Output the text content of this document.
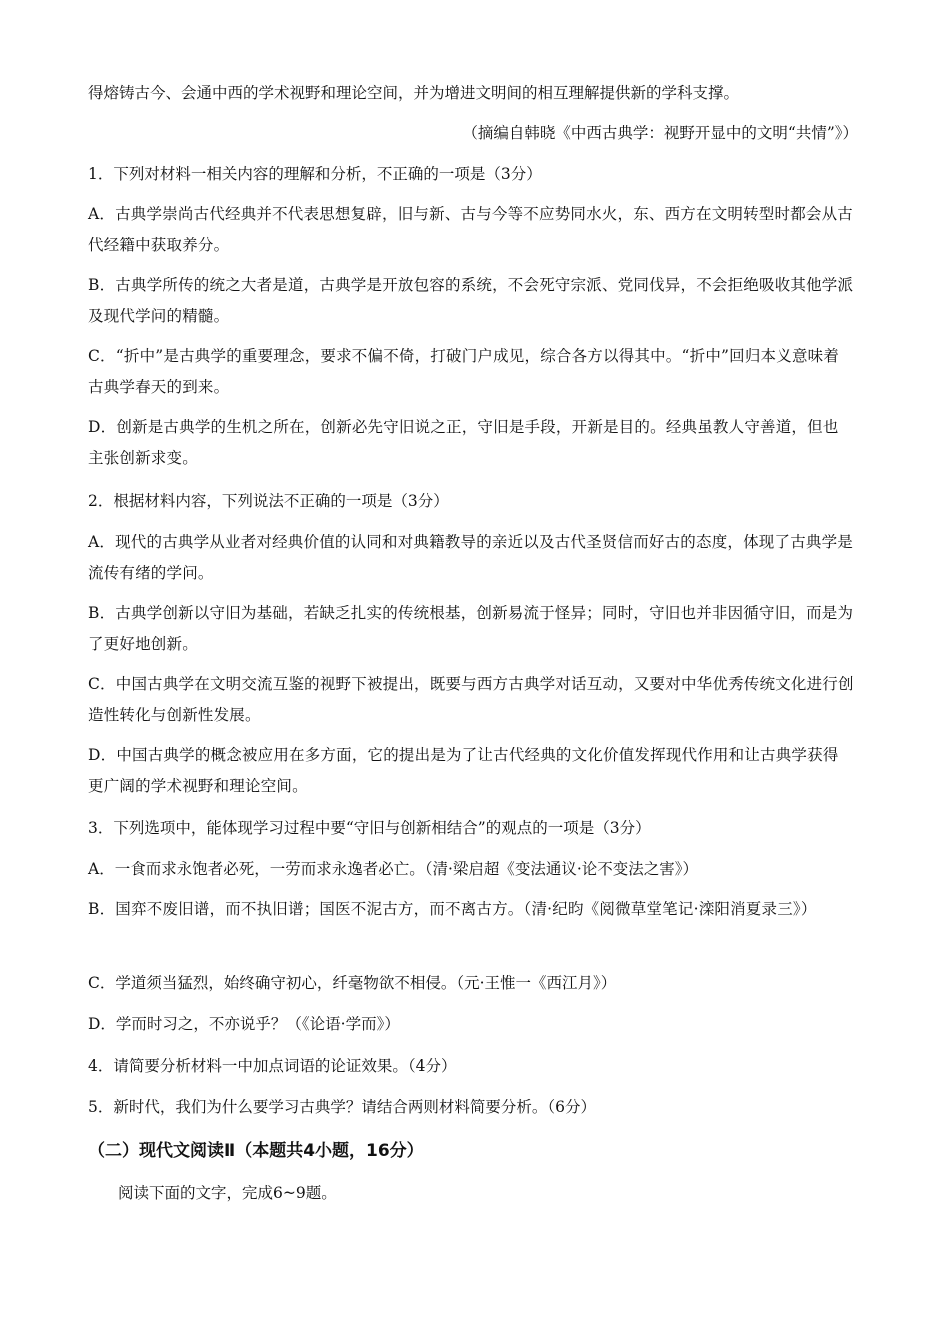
得熔铸古今、会通中西的学术视野和理论空间，并为增进文明间的相互理解提供新的学科支撑。
（摘编自韩晓《中西古典学：视野开显中的文明“共情”》）
1．下列对材料一相关内容的理解和分析，不正确的一项是（3分）
A．古典学崇尚古代经典并不代表思想复辟，旧与新、古与今等不应势同水火，东、西方在文明转型时都会从古代经籍中获取养分。
B．古典学所传的统之大者是道，古典学是开放包容的系统，不会死守宗派、党同伐异，不会拒绝吸收其他学派及现代学问的精髓。
C．“折中”是古典学的重要理念，要求不偏不倚，打破门户成见，综合各方以得其中。“折中”回归本义意味着古典学春天的到来。
D．创新是古典学的生机之所在，创新必先守旧说之正，守旧是手段，开新是目的。经典虽教人守善道，但也主张创新求变。
2．根据材料内容，下列说法不正确的一项是（3分）
A．现代的古典学从业者对经典价值的认同和对典籍教导的亲近以及古代圣贤信而好古的态度，体现了古典学是流传有绪的学问。
B．古典学创新以守旧为基础，若缺乏扎实的传统根基，创新易流于怪异；同时，守旧也并非因循守旧，而是为了更好地创新。
C．中国古典学在文明交流互鉴的视野下被提出，既要与西方古典学对话互动，又要对中华优秀传统文化进行创造性转化与创新性发展。
D．中国古典学的概念被应用在多方面，它的提出是为了让古代经典的文化价值发挥现代作用和让古典学获得更广阔的学术视野和理论空间。
3．下列选项中，能体现学习过程中要“守旧与创新相结合”的观点的一项是（3分）
A．一食而求永饱者必死，一劳而求永逸者必亡。（清·梁启超《变法通议·论不变法之害》）
B．国弈不废旧谱，而不执旧谱；国医不泥古方，而不离古方。（清·纪昀《阅微草堂笔记·滦阳消夏录三》）
C．学道须当猛烈，始终确守初心，纤毫物欲不相侵。（元·王惟一《西江月》）
D．学而时习之，不亦说乎？（《论语·学而》）
4．请简要分析材料一中加点词语的论证效果。（4分）
5．新时代，我们为什么要学习古典学？请结合两则材料简要分析。（6分）
（二）现代文阅读Ⅱ（本题共4小题，16分）
阅读下面的文字，完成6~9题。
